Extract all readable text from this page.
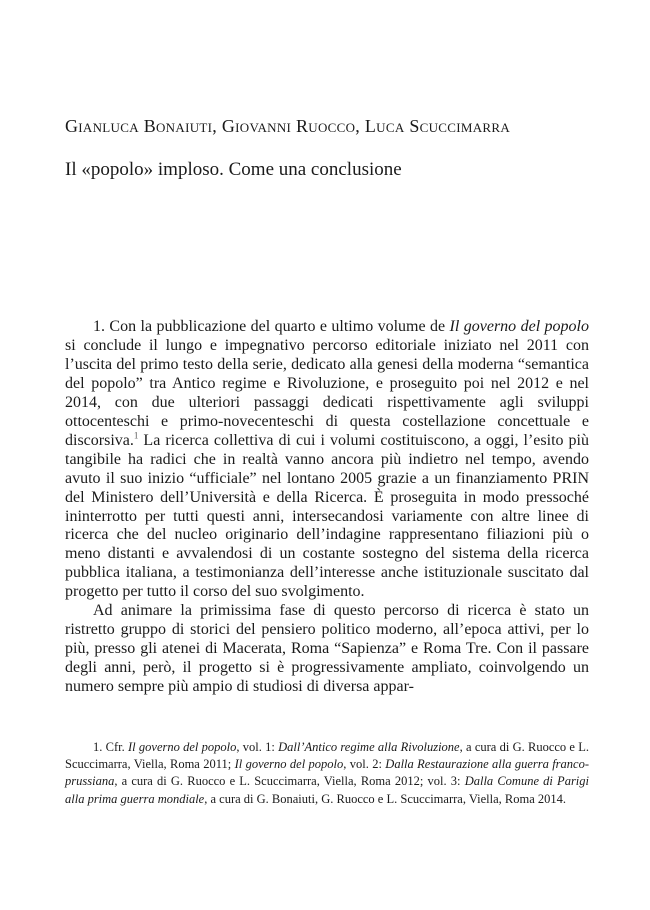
Gianluca Bonaiuti, Giovanni Ruocco, Luca Scuccimarra
Il «popolo» imploso. Come una conclusione

1. Con la pubblicazione del quarto e ultimo volume de Il governo del popolo si conclude il lungo e impegnativo percorso editoriale iniziato nel 2011 con l’uscita del primo testo della serie, dedicato alla genesi della moderna “semantica del popolo” tra Antico regime e Rivoluzione, e proseguito poi nel 2012 e nel 2014, con due ulteriori passaggi dedicati rispettivamente agli sviluppi ottocenteschi e primo-novecenteschi di questa costellazione concettuale e discorsiva.$^1$ La ricerca collettiva di cui i volumi costituiscono, a oggi, l’esito più tangibile ha radici che in realtà vanno ancora più indietro nel tempo, avendo avuto il suo inizio “ufficiale” nel lontano 2005 grazie a un finanziamento PRIN del Ministero dell’Università e della Ricerca. È proseguita in modo pressoché ininterrotto per tutti questi anni, intersecandosi variamente con altre linee di ricerca che del nucleo originario dell’indagine rappresentano filiazioni più o meno distanti e avvalendosi di un costante sostegno del sistema della ricerca pubblica italiana, a testimonianza dell’interesse anche istituzionale suscitato dal progetto per tutto il corso del suo svolgimento.

Ad animare la primissima fase di questo percorso di ricerca è stato un ristretto gruppo di storici del pensiero politico moderno, all’epoca attivi, per lo più, presso gli atenei di Macerata, Roma “Sapienza” e Roma Tre. Con il passare degli anni, però, il progetto si è progressivamente ampliato, coinvolgendo un numero sempre più ampio di studiosi di diversa appar-

1. Cfr. Il governo del popolo, vol. 1: Dall’Antico regime alla Rivoluzione, a cura di G. Ruocco e L. Scuccimarra, Viella, Roma 2011; Il governo del popolo, vol. 2: Dalla Restaurazione alla guerra franco-prussiana, a cura di G. Ruocco e L. Scuccimarra, Viella, Roma 2012; vol. 3: Dalla Comune di Parigi alla prima guerra mondiale, a cura di G. Bonaiuti, G. Ruocco e L. Scuccimarra, Viella, Roma 2014.
